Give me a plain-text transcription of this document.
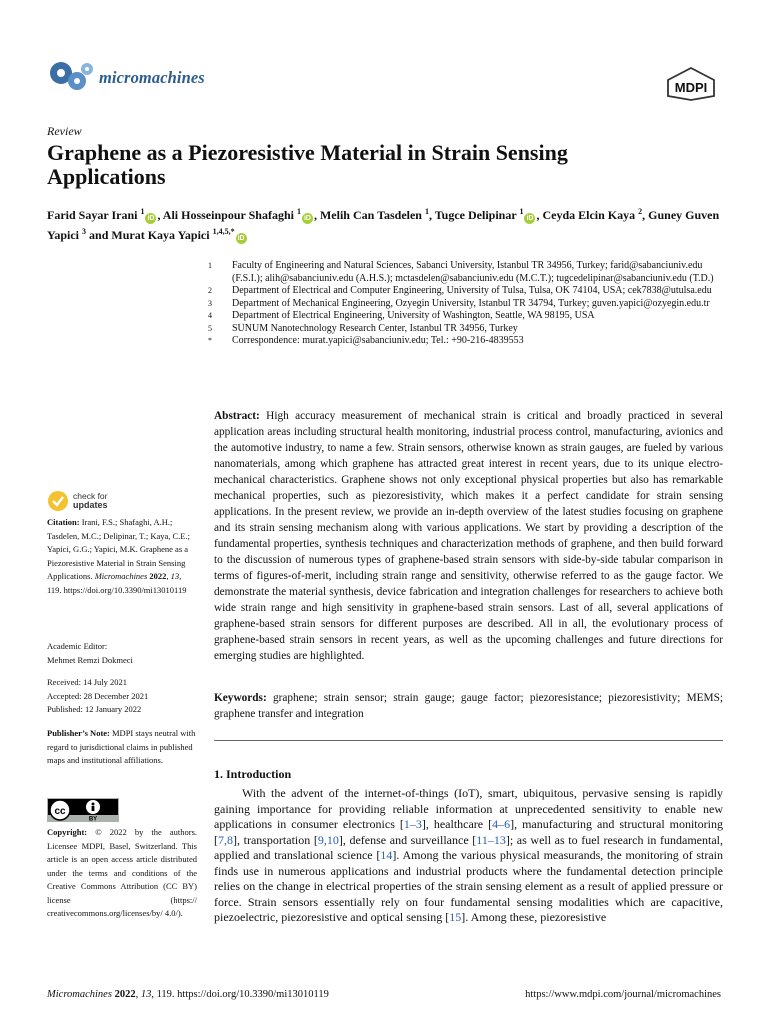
micromachines
MDPI
Review
Graphene as a Piezoresistive Material in Strain Sensing Applications
Farid Sayar Irani $^1$iD , Ali Hosseinpour Shafaghi $^1$iD , Melih Can Tasdelen $^1$, Tugce Delipinar $^1$iD , Ceyda Elcin Kaya $^2$, Guney Guven Yapici $^3$ and Murat Kaya Yapici $^{1,4,5,*}$iD
1	Faculty of Engineering and Natural Sciences, Sabanci University, Istanbul TR 34956, Turkey; farid@sabanciuniv.edu (F.S.I.); alih@sabanciuniv.edu (A.H.S.); mctasdelen@sabanciuniv.edu (M.C.T.); tugcedelipinar@sabanciuniv.edu (T.D.)
2	Department of Electrical and Computer Engineering, University of Tulsa, Tulsa, OK 74104, USA; cek7838@utulsa.edu
3	Department of Mechanical Engineering, Ozyegin University, Istanbul TR 34794, Turkey; guven.yapici@ozyegin.edu.tr
4	Department of Electrical Engineering, University of Washington, Seattle, WA 98195, USA
5	SUNUM Nanotechnology Research Center, Istanbul TR 34956, Turkey
*	Correspondence: murat.yapici@sabanciuniv.edu; Tel.: +90-216-4839553
check for
updates
Citation: Irani, F.S.; Shafaghi, A.H.; Tasdelen, M.C.; Delipinar, T.; Kaya, C.E.; Yapici, G.G.; Yapici, M.K. Graphene as a Piezoresistive Material in Strain Sensing Applications. Micromachines 2022, 13, 119. https://doi.org/10.3390/mi13010119
Academic Editor:
Mehmet Remzi Dokmeci
Received: 14 July 2021
Accepted: 28 December 2021
Published: 12 January 2022
Publisher’s Note: MDPI stays neutral with regard to jurisdictional claims in published maps and institutional affiliations.
cc
BY
Copyright: © 2022 by the authors. Licensee MDPI, Basel, Switzerland. This article is an open access article distributed under the terms and conditions of the Creative Commons Attribution (CC BY) license (https:// creativecommons.org/licenses/by/ 4.0/).
Abstract: High accuracy measurement of mechanical strain is critical and broadly practiced in several application areas including structural health monitoring, industrial process control, manufacturing, avionics and the automotive industry, to name a few. Strain sensors, otherwise known as strain gauges, are fueled by various nanomaterials, among which graphene has attracted great interest in recent years, due to its unique electro-mechanical characteristics. Graphene shows not only exceptional physical properties but also has remarkable mechanical properties, such as piezoresistivity, which makes it a perfect candidate for strain sensing applications. In the present review, we provide an in-depth overview of the latest studies focusing on graphene and its strain sensing mechanism along with various applications. We start by providing a description of the fundamental properties, synthesis techniques and characterization methods of graphene, and then build forward to the discussion of numerous types of graphene-based strain sensors with side-by-side tabular comparison in terms of figures-of-merit, including strain range and sensitivity, otherwise referred to as the gauge factor. We demonstrate the material synthesis, device fabrication and integration challenges for researchers to achieve both wide strain range and high sensitivity in graphene-based strain sensors. Last of all, several applications of graphene-based strain sensors for different purposes are described. All in all, the evolutionary process of graphene-based strain sensors in recent years, as well as the upcoming challenges and future directions for emerging studies are highlighted.
Keywords: graphene; strain sensor; strain gauge; gauge factor; piezoresistance; piezoresistivity; MEMS; graphene transfer and integration
1. Introduction
With the advent of the internet-of-things (IoT), smart, ubiquitous, pervasive sensing is rapidly gaining importance for providing reliable information at unprecedented sensitivity to enable new applications in consumer electronics [1–3], healthcare [4–6], manufacturing and structural monitoring [7,8], transportation [9,10], defense and surveillance [11–13]; as well as to fuel research in fundamental, applied and translational science [14]. Among the various physical measurands, the monitoring of strain finds use in numerous applications and industrial products where the fundamental detection principle relies on the change in electrical properties of the strain sensing element as a result of applied pressure or force. Strain sensors essentially rely on four fundamental sensing modalities which are capacitive, piezoelectric, piezoresistive and optical sensing [15]. Among these, piezoresistive
Micromachines 2022, 13, 119. https://doi.org/10.3390/mi13010119	https://www.mdpi.com/journal/micromachines
